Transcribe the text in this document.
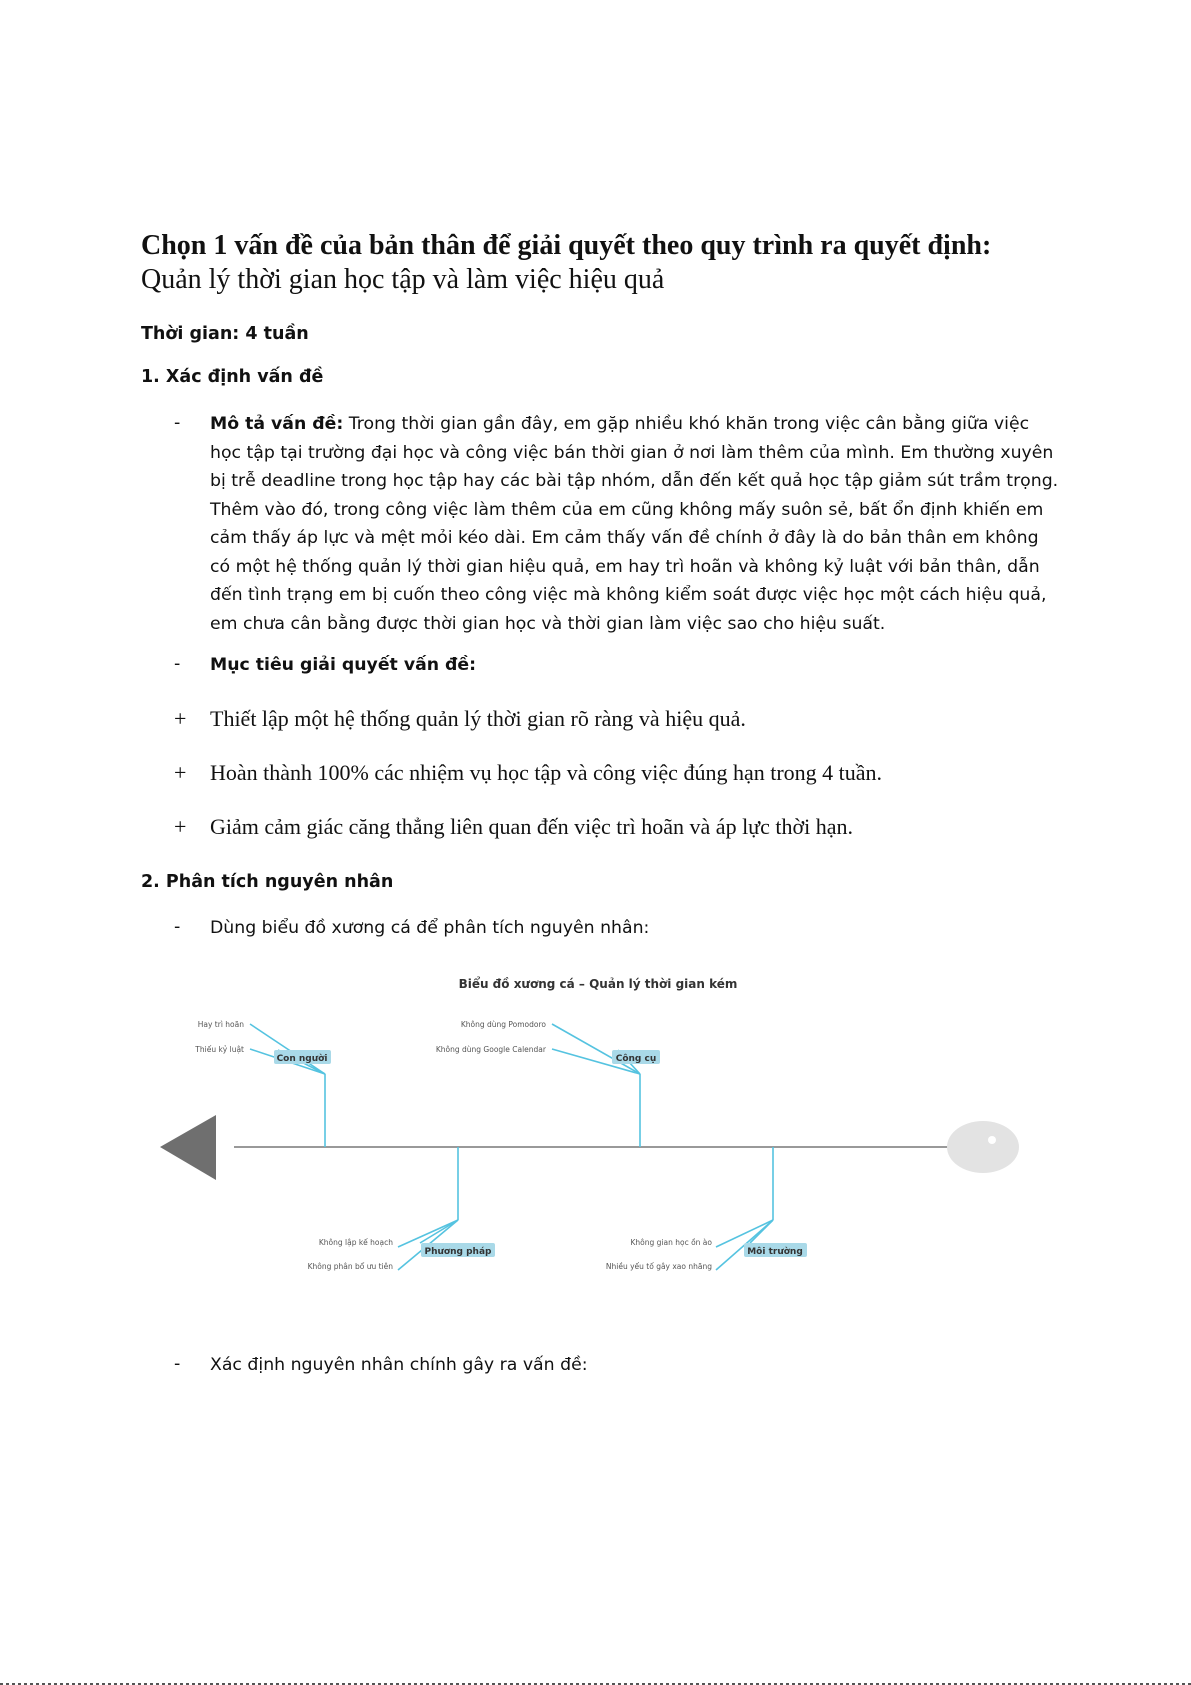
Chọn 1 vấn đề của bản thân để giải quyết theo quy trình ra quyết định: Quản lý thời gian học tập và làm việc hiệu quả

Thời gian: 4 tuần

1. Xác định vấn đề
- Mô tả vấn đề: Trong thời gian gần đây, em gặp nhiều khó khăn trong việc cân bằng giữa việc học tập tại trường đại học và công việc bán thời gian ở nơi làm thêm của mình. Em thường xuyên bị trễ deadline trong học tập hay các bài tập nhóm, dẫn đến kết quả học tập giảm sút trầm trọng. Thêm vào đó, trong công việc làm thêm của em cũng không mấy suôn sẻ, bất ổn định khiến em cảm thấy áp lực và mệt mỏi kéo dài. Em cảm thấy vấn đề chính ở đây là do bản thân em không có một hệ thống quản lý thời gian hiệu quả, em hay trì hoãn và không kỷ luật với bản thân, dẫn đến tình trạng em bị cuốn theo công việc mà không kiểm soát được việc học một cách hiệu quả, em chưa cân bằng được thời gian học và thời gian làm việc sao cho hiệu suất.

- Mục tiêu giải quyết vấn đề:

+ Thiết lập một hệ thống quản lý thời gian rõ ràng và hiệu quả.

+ Hoàn thành 100% các nhiệm vụ học tập và công việc đúng hạn trong 4 tuần.

+ Giảm cảm giác căng thẳng liên quan đến việc trì hoãn và áp lực thời hạn.

2. Phân tích nguyên nhân
- Dùng biểu đồ xương cá để phân tích nguyên nhân:

Biểu đồ xương cá – Quản lý thời gian kém
Con người
Hay trì hoãn
Thiếu kỷ luật
Công cụ
Không dùng Pomodoro
Không dùng Google Calendar
Phương pháp
Không lập kế hoạch
Không phân bổ ưu tiên
Môi trường
Không gian học ồn ào
Nhiều yếu tố gây xao nhãng
- Xác định nguyên nhân chính gây ra vấn đề:
